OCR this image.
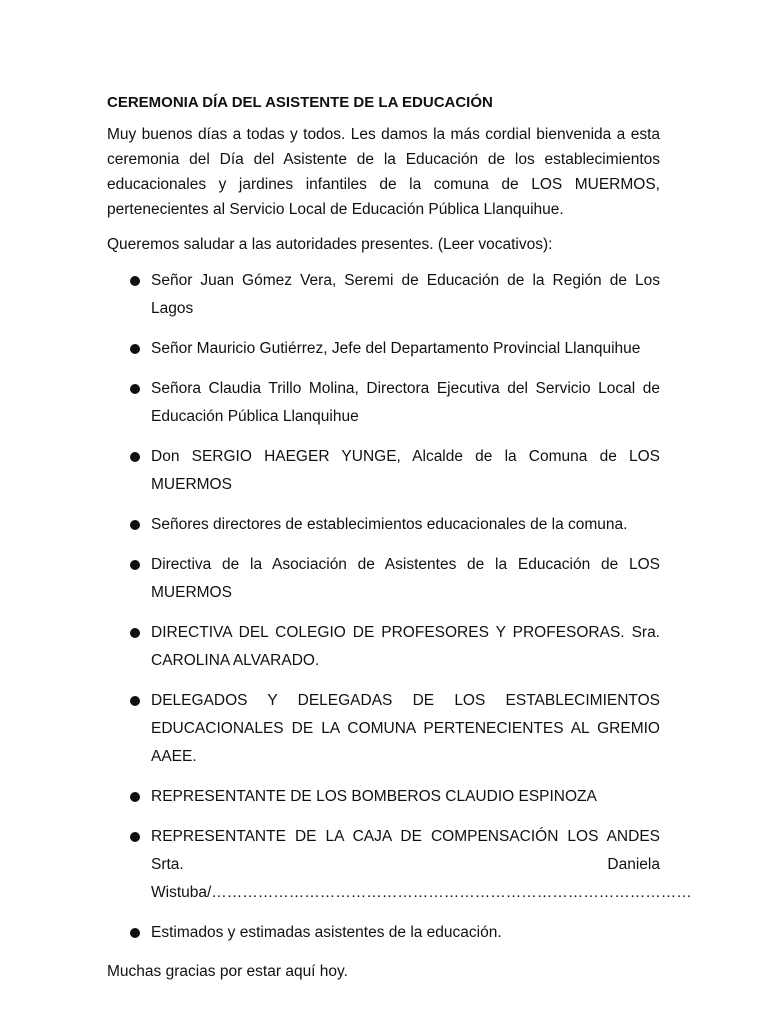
CEREMONIA DÍA DEL ASISTENTE DE LA EDUCACIÓN

Muy buenos días a todas y todos. Les damos la más cordial bienvenida a esta ceremonia del Día del Asistente de la Educación de los establecimientos educacionales y jardines infantiles de la comuna de LOS MUERMOS, pertenecientes al Servicio Local de Educación Pública Llanquihue.

Queremos saludar a las autoridades presentes. (Leer vocativos):

Señor Juan Gómez Vera, Seremi de Educación de la Región de Los Lagos
Señor Mauricio Gutiérrez, Jefe del Departamento Provincial Llanquihue
Señora Claudia Trillo Molina, Directora Ejecutiva del Servicio Local de Educación Pública Llanquihue
Don SERGIO HAEGER YUNGE, Alcalde de la Comuna de LOS MUERMOS
Señores directores de establecimientos educacionales de la comuna.
Directiva de la Asociación de Asistentes de la Educación de LOS MUERMOS
DIRECTIVA DEL COLEGIO DE PROFESORES Y PROFESORAS. Sra. CAROLINA ALVARADO.
DELEGADOS Y DELEGADAS DE LOS ESTABLECIMIENTOS EDUCACIONALES DE LA COMUNA PERTENECIENTES AL GREMIO AAEE.
REPRESENTANTE DE LOS BOMBEROS CLAUDIO ESPINOZA
REPRESENTANTE DE LA CAJA DE COMPENSACIÓN LOS ANDES Srta. Daniela Wistuba/…………………………………………………………………………………
Estimados y estimadas asistentes de la educación.

Muchas gracias por estar aquí hoy.
